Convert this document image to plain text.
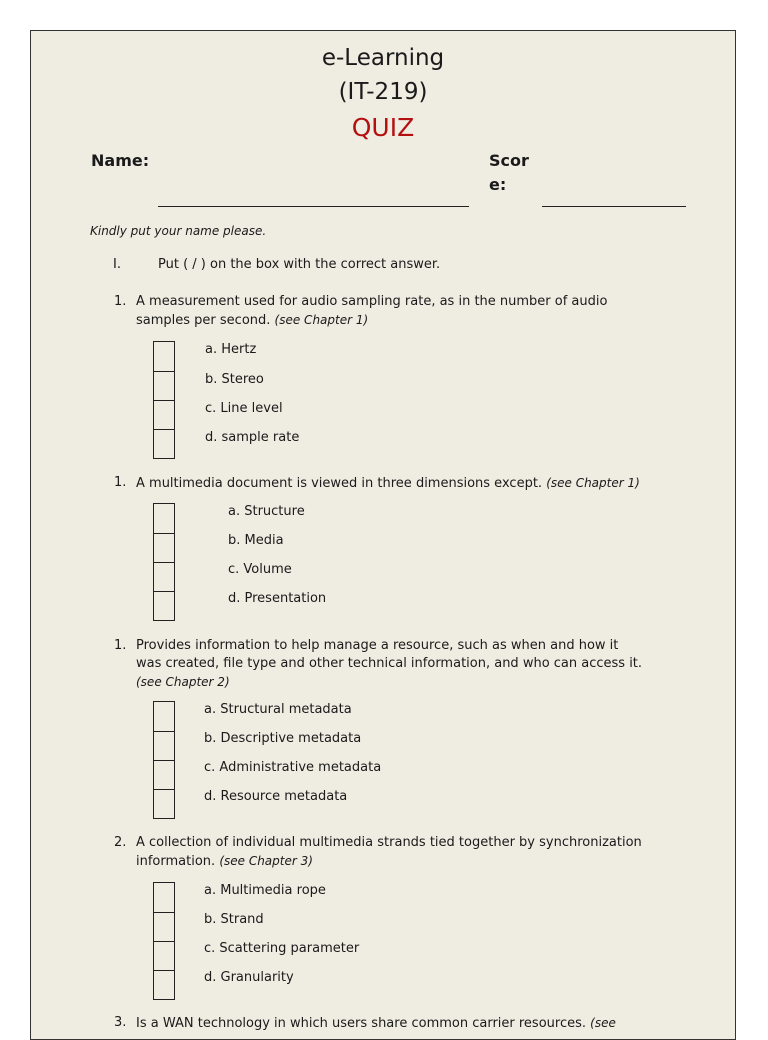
e-Learning
(IT-219)
QUIZ
Name:	Scor
e:
Kindly put your name please.
I.	Put ( / ) on the box with the correct answer.
1. A measurement used for audio sampling rate, as in the number of audio
samples per second. (see Chapter 1)
a. Hertz
b. Stereo
c. Line level
d. sample rate
1. A multimedia document is viewed in three dimensions except. (see Chapter 1)
a. Structure
b. Media
c. Volume
d. Presentation
1. Provides information to help manage a resource, such as when and how it
was created, file type and other technical information, and who can access it.
(see Chapter 2)
a. Structural metadata
b. Descriptive metadata
c. Administrative metadata
d. Resource metadata
2. A collection of individual multimedia strands tied together by synchronization
information. (see Chapter 3)
a. Multimedia rope
b. Strand
c. Scattering parameter
d. Granularity
3. Is a WAN technology in which users share common carrier resources. (see
